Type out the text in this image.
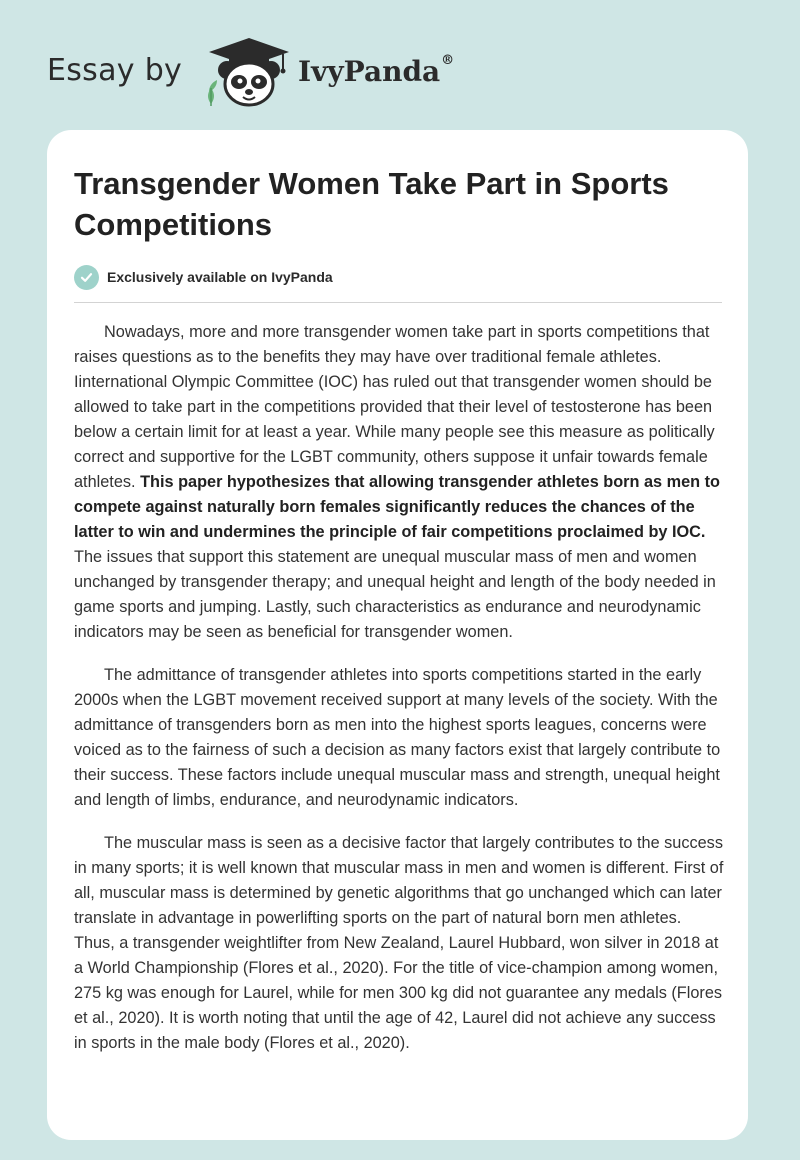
Essay by	IvyPanda®
Transgender Women Take Part in Sports Competitions
Exclusively available on IvyPanda

Nowadays, more and more transgender women take part in sports competitions that raises questions as to the benefits they may have over traditional female athletes. Iinternational Olympic Committee (IOC) has ruled out that transgender women should be allowed to take part in the competitions provided that their level of testosterone has been below a certain limit for at least a year. While many people see this measure as politically correct and supportive for the LGBT community, others suppose it unfair towards female athletes. This paper hypothesizes that allowing transgender athletes born as men to compete against naturally born females significantly reduces the chances of the latter to win and undermines the principle of fair competitions proclaimed by IOC. The issues that support this statement are unequal muscular mass of men and women unchanged by transgender therapy; and unequal height and length of the body needed in game sports and jumping. Lastly, such characteristics as endurance and neurodynamic indicators may be seen as beneficial for transgender women.

The admittance of transgender athletes into sports competitions started in the early 2000s when the LGBT movement received support at many levels of the society. With the admittance of transgenders born as men into the highest sports leagues, concerns were voiced as to the fairness of such a decision as many factors exist that largely contribute to their success. These factors include unequal muscular mass and strength, unequal height and length of limbs, endurance, and neurodynamic indicators.

The muscular mass is seen as a decisive factor that largely contributes to the success in many sports; it is well known that muscular mass in men and women is different. First of all, muscular mass is determined by genetic algorithms that go unchanged which can later translate in advantage in powerlifting sports on the part of natural born men athletes. Thus, a transgender weightlifter from New Zealand, Laurel Hubbard, won silver in 2018 at a World Championship (Flores et al., 2020). For the title of vice-champion among women, 275 kg was enough for Laurel, while for men 300 kg did not guarantee any medals (Flores et al., 2020). It is worth noting that until the age of 42, Laurel did not achieve any success in sports in the male body (Flores et al., 2020).
